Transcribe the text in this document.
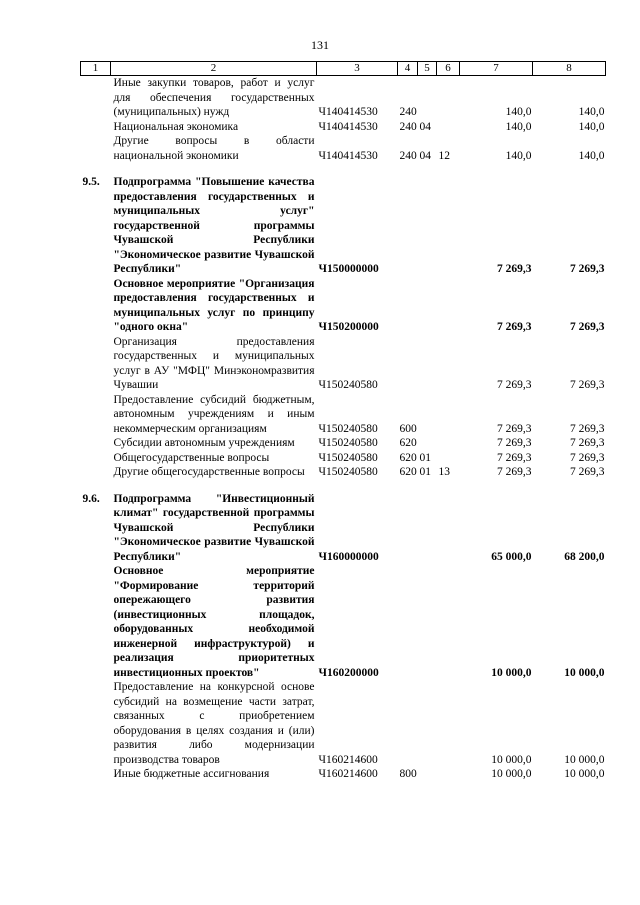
131
1	2	3	4	5	6	7	8
	Иные закупки товаров, работ и услуг для обеспечения государственных (муниципальных) нужд	Ч140414530	240			140,0	140,0
	Национальная экономика	Ч140414530	240	04		140,0	140,0
	Другие вопросы в области национальной экономики	Ч140414530	240	04	12	140,0	140,0

9.5.	Подпрограмма "Повышение качества предоставления государственных и муниципальных услуг" государственной программы Чувашской Республики "Экономическое развитие Чувашской Республики"	Ч150000000				7 269,3	7 269,3
	Основное мероприятие "Организация предоставления государственных и муниципальных услуг по принципу "одного окна"	Ч150200000				7 269,3	7 269,3
	Организация предоставления государственных и муниципальных услуг в АУ "МФЦ" Минэкономразвития Чувашии	Ч150240580				7 269,3	7 269,3
	Предоставление субсидий бюджетным, автономным учреждениям и иным некоммерческим организациям	Ч150240580	600			7 269,3	7 269,3
	Субсидии автономным учреждениям	Ч150240580	620			7 269,3	7 269,3
	Общегосударственные вопросы	Ч150240580	620	01		7 269,3	7 269,3
	Другие общегосударственные вопросы	Ч150240580	620	01	13	7 269,3	7 269,3

9.6.	Подпрограмма "Инвестиционный климат" государственной программы Чувашской Республики "Экономическое развитие Чувашской Республики"	Ч160000000				65 000,0	68 200,0
	Основное мероприятие "Формирование территорий опережающего развития (инвестиционных площадок, оборудованных необходимой инженерной инфраструктурой) и реализация приоритетных инвестиционных проектов"	Ч160200000				10 000,0	10 000,0
	Предоставление на конкурсной основе субсидий на возмещение части затрат, связанных с приобретением оборудования в целях создания и (или) развития либо модернизации производства товаров	Ч160214600				10 000,0	10 000,0
	Иные бюджетные ассигнования	Ч160214600	800			10 000,0	10 000,0
